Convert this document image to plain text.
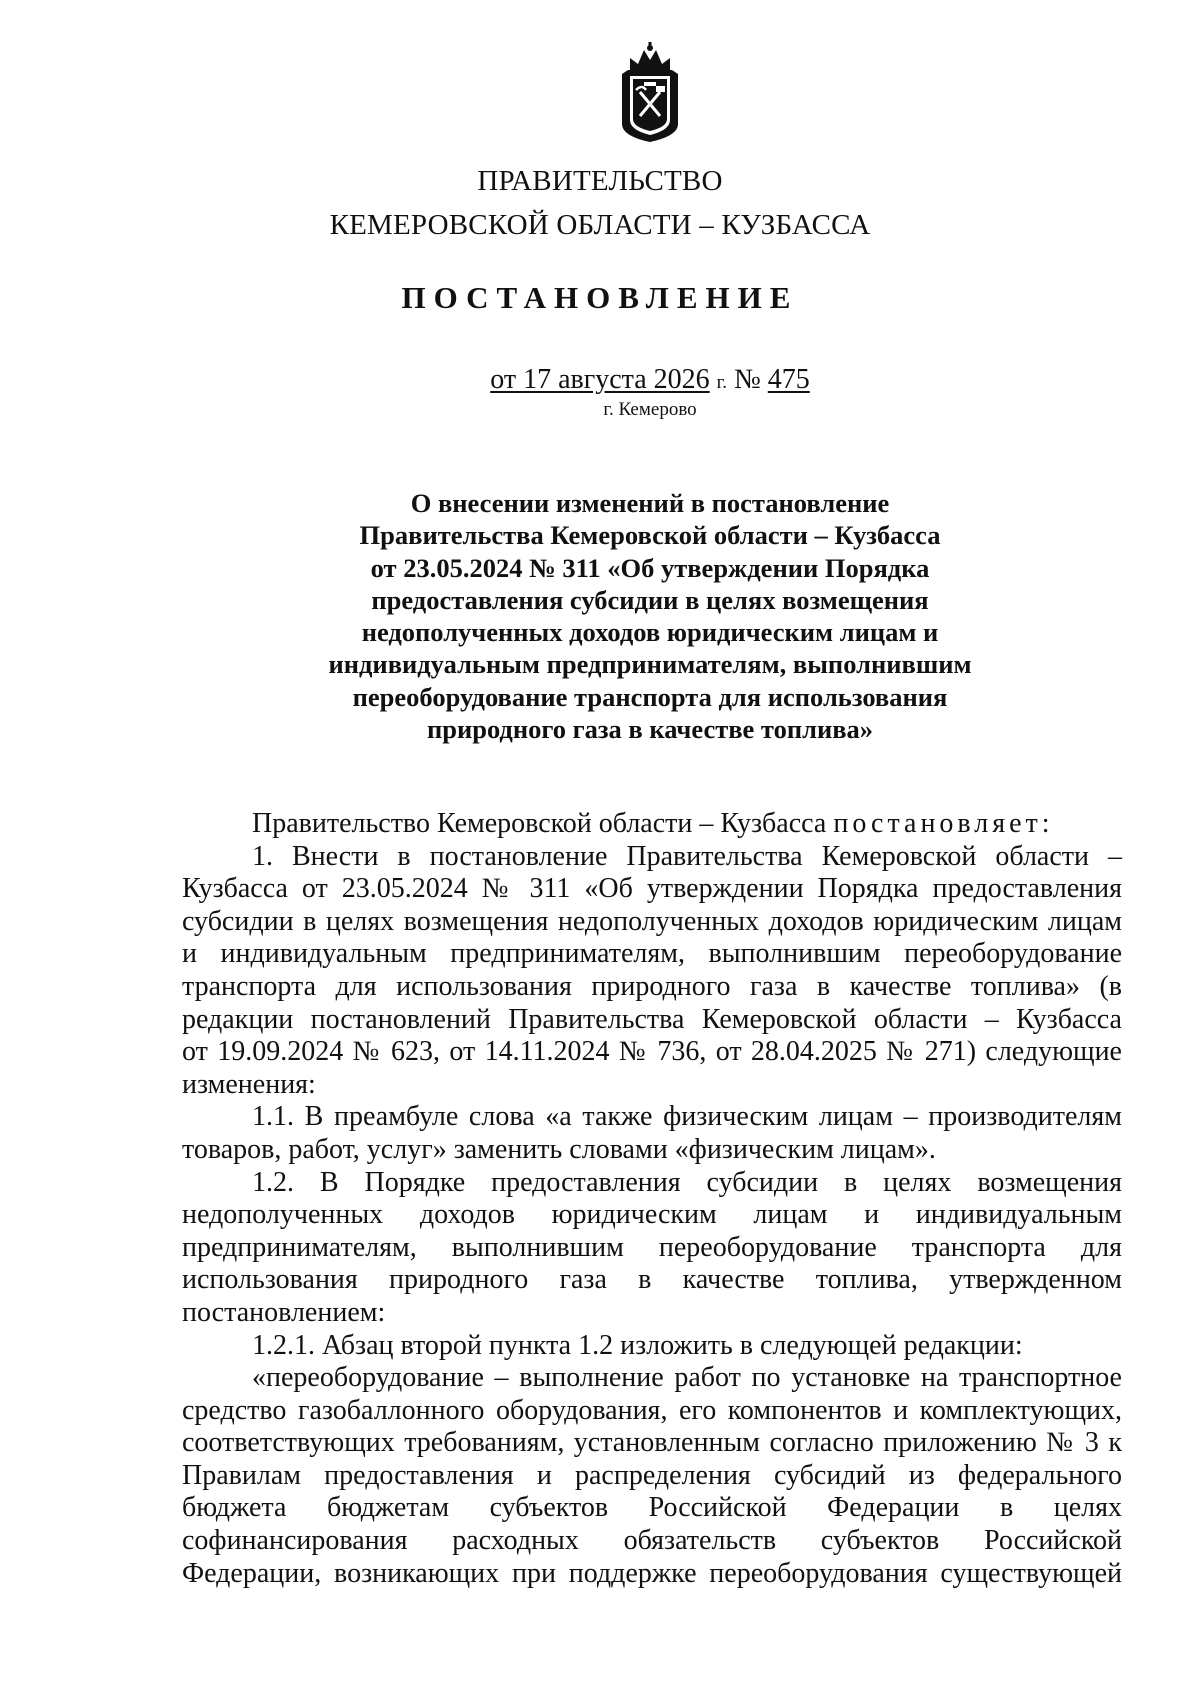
ПРАВИТЕЛЬСТВО
КЕМЕРОВСКОЙ ОБЛАСТИ – КУЗБАССА
ПОСТАНОВЛЕНИЕ
от 17 августа 2026 г. № 475
г. Кемерово
О внесении изменений в постановление
Правительства Кемеровской области – Кузбасса
от 23.05.2024 № 311 «Об утверждении Порядка
предоставления субсидии в целях возмещения
недополученных доходов юридическим лицам и
индивидуальным предпринимателям, выполнившим
переоборудование транспорта для использования
природного газа в качестве топлива»
Правительство Кемеровской области – Кузбасса постановляет:
1. Внести в постановление Правительства Кемеровской области –
Кузбасса от 23.05.2024 № 311 «Об утверждении Порядка предоставления
субсидии в целях возмещения недополученных доходов юридическим лицам
и индивидуальным предпринимателям, выполнившим переоборудование
транспорта для использования природного газа в качестве топлива» (в
редакции постановлений Правительства Кемеровской области – Кузбасса
от 19.09.2024 № 623, от 14.11.2024 № 736, от 28.04.2025 № 271) следующие
изменения:
1.1. В преамбуле слова «а также физическим лицам – производителям
товаров, работ, услуг» заменить словами «физическим лицам».
1.2. В Порядке предоставления субсидии в целях возмещения
недополученных доходов юридическим лицам и индивидуальным
предпринимателям, выполнившим переоборудование транспорта для
использования природного газа в качестве топлива, утвержденном
постановлением:
1.2.1. Абзац второй пункта 1.2 изложить в следующей редакции:
«переоборудование – выполнение работ по установке на транспортное
средство газобаллонного оборудования, его компонентов и комплектующих,
соответствующих требованиям, установленным согласно приложению № 3 к
Правилам предоставления и распределения субсидий из федерального
бюджета бюджетам субъектов Российской Федерации в целях
софинансирования расходных обязательств субъектов Российской
Федерации, возникающих при поддержке переоборудования существующей
